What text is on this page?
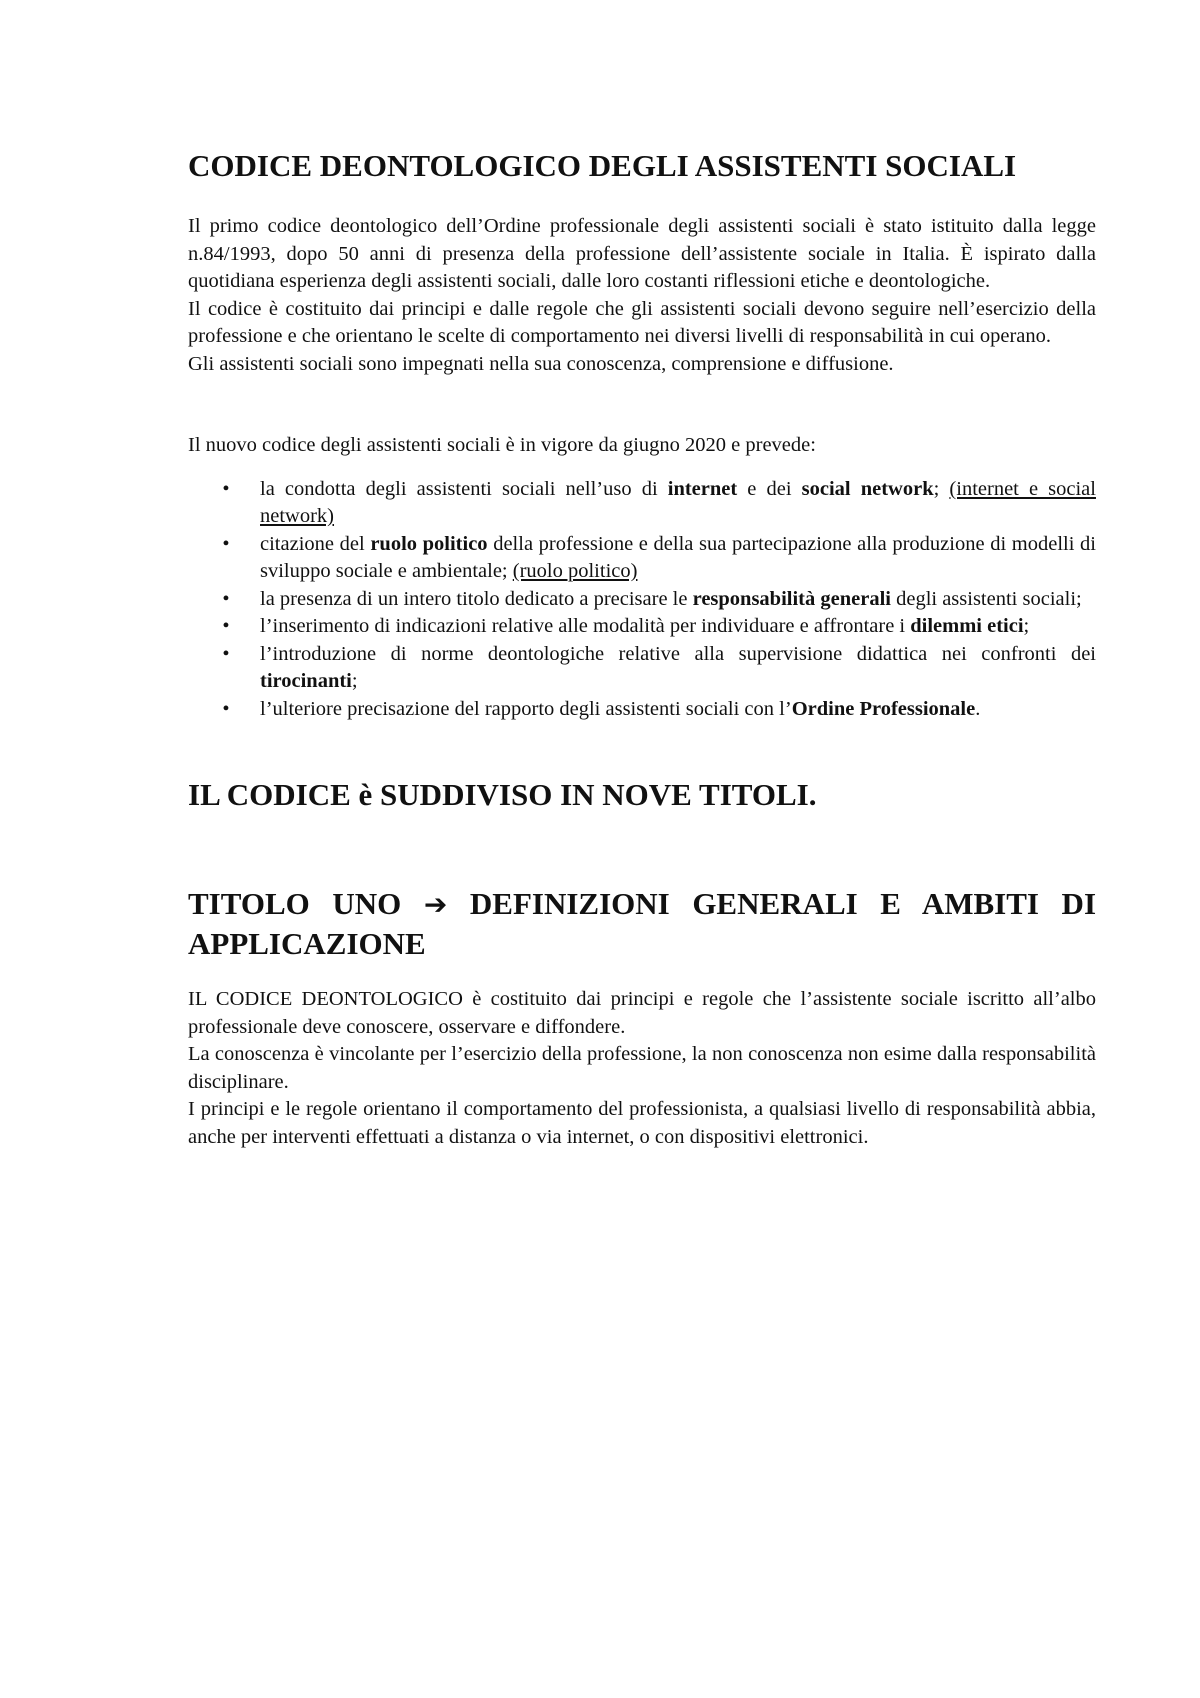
CODICE DEONTOLOGICO DEGLI ASSISTENTI SOCIALI

Il primo codice deontologico dell’Ordine professionale degli assistenti sociali è stato istituito dalla legge n.84/1993, dopo 50 anni di presenza della professione dell’assistente sociale in Italia. È ispirato dalla quotidiana esperienza degli assistenti sociali, dalle loro costanti riflessioni etiche e deontologiche.

Il codice è costituito dai principi e dalle regole che gli assistenti sociali devono seguire nell’esercizio della professione e che orientano le scelte di comportamento nei diversi livelli di responsabilità in cui operano.

Gli assistenti sociali sono impegnati nella sua conoscenza, comprensione e diffusione.

Il nuovo codice degli assistenti sociali è in vigore da giugno 2020 e prevede:

• la condotta degli assistenti sociali nell’uso di internet e dei social network; (internet e social network)
• citazione del ruolo politico della professione e della sua partecipazione alla produzione di modelli di sviluppo sociale e ambientale; (ruolo politico)
• la presenza di un intero titolo dedicato a precisare le responsabilità generali degli assistenti sociali;
• l’inserimento di indicazioni relative alle modalità per individuare e affrontare i dilemmi etici;
• l’introduzione di norme deontologiche relative alla supervisione didattica nei confronti dei tirocinanti;
• l’ulteriore precisazione del rapporto degli assistenti sociali con l’Ordine Professionale.
IL CODICE è SUDDIVISO IN NOVE TITOLI.
TITOLO UNO ➔ DEFINIZIONI GENERALI E AMBITI DI APPLICAZIONE

IL CODICE DEONTOLOGICO è costituito dai principi e regole che l’assistente sociale iscritto all’albo professionale deve conoscere, osservare e diffondere.

La conoscenza è vincolante per l’esercizio della professione, la non conoscenza non esime dalla responsabilità disciplinare.

I principi e le regole orientano il comportamento del professionista, a qualsiasi livello di responsabilità abbia, anche per interventi effettuati a distanza o via internet, o con dispositivi elettronici.
